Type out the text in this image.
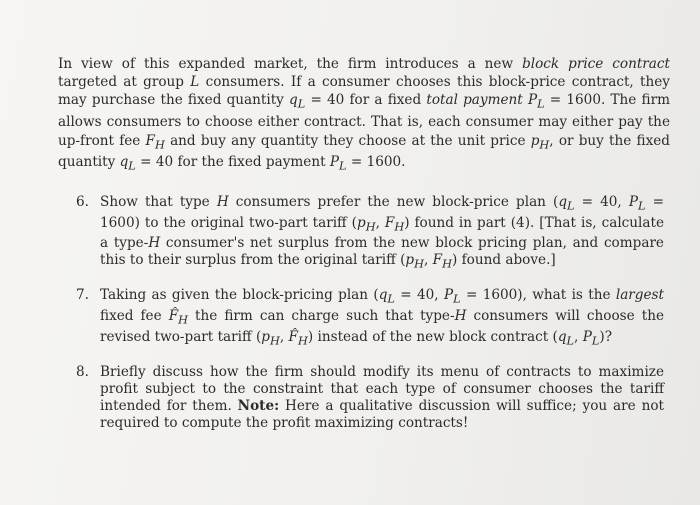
In view of this expanded market, the firm introduces a new block price contract targeted at group L consumers. If a consumer chooses this block-price contract, they may purchase the fixed quantity $q_L = 40$ for a fixed total payment $P_L = 1600$. The firm allows consumers to choose either contract. That is, each consumer may either pay the up-front fee $F_H$ and buy any quantity they choose at the unit price $p_H$, or buy the fixed quantity $q_L = 40$ for the fixed payment $P_L = 1600$.

6. Show that type H consumers prefer the new block-price plan ($q_L = 40$, $P_L = 1600$) to the original two-part tariff ($p_H$, $F_H$) found in part (4). [That is, calculate a type-H consumer's net surplus from the new block pricing plan, and compare this to their surplus from the original tariff ($p_H$, $F_H$) found above.]
7. Taking as given the block-pricing plan ($q_L = 40$, $P_L = 1600$), what is the largest fixed fee $F̂_H$ the firm can charge such that type-H consumers will choose the revised two-part tariff ($p_H$, $F̂_H$) instead of the new block contract ($q_L$, $P_L$)?
8. Briefly discuss how the firm should modify its menu of contracts to maximize profit subject to the constraint that each type of consumer chooses the tariff intended for them. Note: Here a qualitative discussion will suffice; you are not required to compute the profit maximizing contracts!
